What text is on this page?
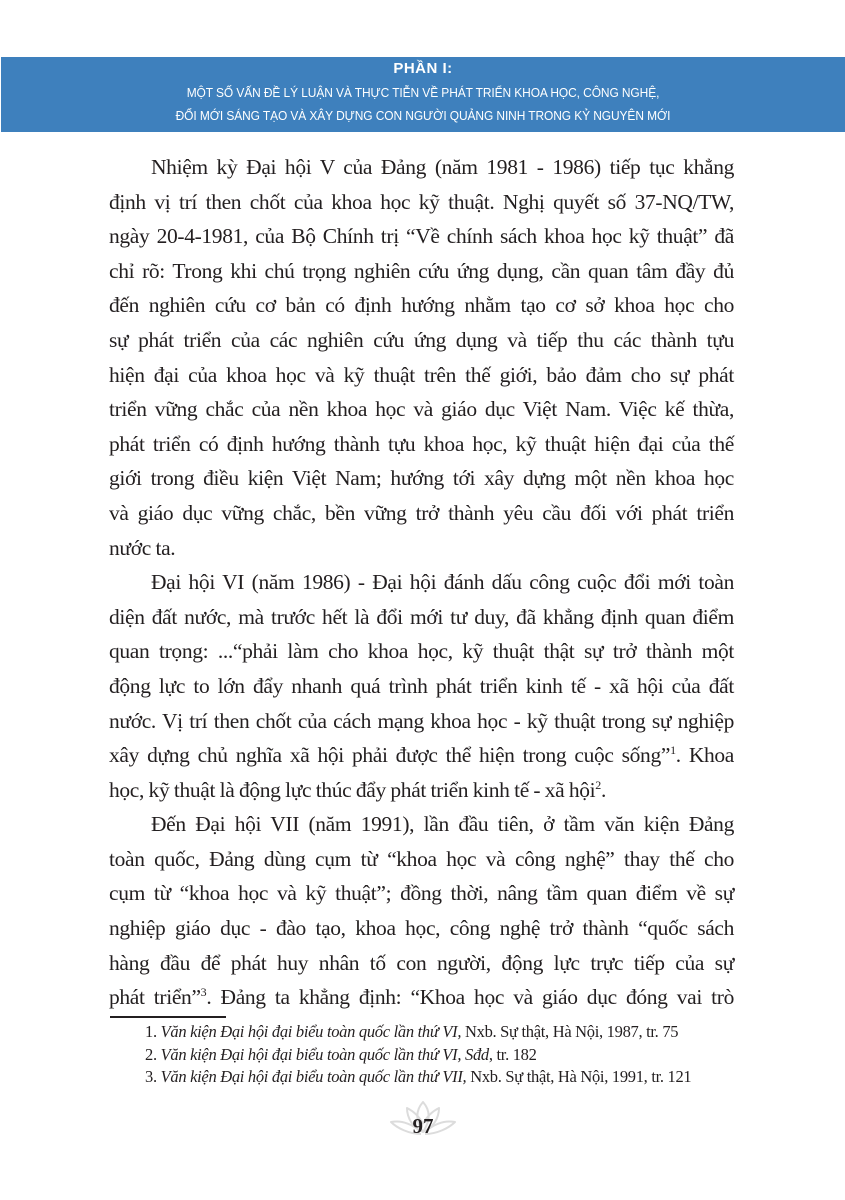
PHẦN I:
MỘT SỐ VẤN ĐỀ LÝ LUẬN VÀ THỰC TIỄN VỀ PHÁT TRIỂN KHOA HỌC, CÔNG NGHỆ,
ĐỔI MỚI SÁNG TẠO VÀ XÂY DỰNG CON NGƯỜI QUẢNG NINH TRONG KỶ NGUYÊN MỚI
Nhiệm kỳ Đại hội V của Đảng (năm 1981 - 1986) tiếp tục khẳng
định vị trí then chốt của khoa học kỹ thuật. Nghị quyết số 37-NQ/TW,
ngày 20-4-1981, của Bộ Chính trị “Về chính sách khoa học kỹ thuật” đã
chỉ rõ: Trong khi chú trọng nghiên cứu ứng dụng, cần quan tâm đầy đủ
đến nghiên cứu cơ bản có định hướng nhằm tạo cơ sở khoa học cho
sự phát triển của các nghiên cứu ứng dụng và tiếp thu các thành tựu
hiện đại của khoa học và kỹ thuật trên thế giới, bảo đảm cho sự phát
triển vững chắc của nền khoa học và giáo dục Việt Nam. Việc kế thừa,
phát triển có định hướng thành tựu khoa học, kỹ thuật hiện đại của thế
giới trong điều kiện Việt Nam; hướng tới xây dựng một nền khoa học
và giáo dục vững chắc, bền vững trở thành yêu cầu đối với phát triển
nước ta.
Đại hội VI (năm 1986) - Đại hội đánh dấu công cuộc đổi mới toàn
diện đất nước, mà trước hết là đổi mới tư duy, đã khẳng định quan điểm
quan trọng: ...“phải làm cho khoa học, kỹ thuật thật sự trở thành một
động lực to lớn đẩy nhanh quá trình phát triển kinh tế - xã hội của đất
nước. Vị trí then chốt của cách mạng khoa học - kỹ thuật trong sự nghiệp
xây dựng chủ nghĩa xã hội phải được thể hiện trong cuộc sống”$^1$. Khoa
học, kỹ thuật là động lực thúc đẩy phát triển kinh tế - xã hội$^2$.
Đến Đại hội VII (năm 1991), lần đầu tiên, ở tầm văn kiện Đảng
toàn quốc, Đảng dùng cụm từ “khoa học và công nghệ” thay thế cho
cụm từ “khoa học và kỹ thuật”; đồng thời, nâng tầm quan điểm về sự
nghiệp giáo dục - đào tạo, khoa học, công nghệ trở thành “quốc sách
hàng đầu để phát huy nhân tố con người, động lực trực tiếp của sự
phát triển”$^3$. Đảng ta khẳng định: “Khoa học và giáo dục đóng vai trò
1. Văn kiện Đại hội đại biểu toàn quốc lần thứ VI, Nxb. Sự thật, Hà Nội, 1987, tr. 75
2. Văn kiện Đại hội đại biểu toàn quốc lần thứ VI, Sđd, tr. 182
3. Văn kiện Đại hội đại biểu toàn quốc lần thứ VII, Nxb. Sự thật, Hà Nội, 1991, tr. 121
97
